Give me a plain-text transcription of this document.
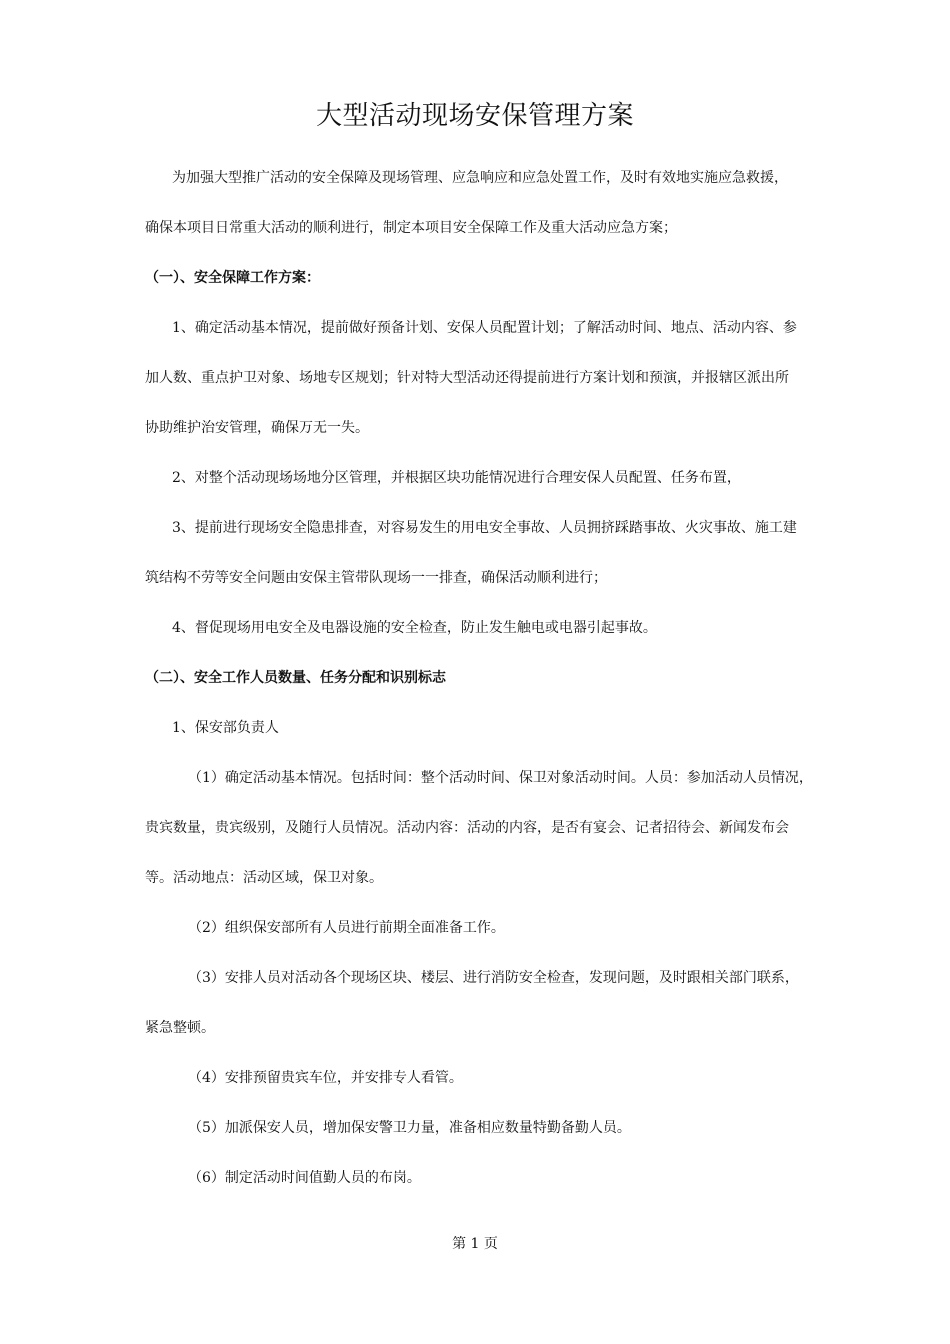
大型活动现场安保管理方案
为加强大型推广活动的安全保障及现场管理、应急响应和应急处置工作，及时有效地实施应急救援，
确保本项目日常重大活动的顺利进行，制定本项目安全保障工作及重大活动应急方案；
（一）、安全保障工作方案：
1、确定活动基本情况，提前做好预备计划、安保人员配置计划；了解活动时间、地点、活动内容、参
加人数、重点护卫对象、场地专区规划；针对特大型活动还得提前进行方案计划和预演，并报辖区派出所
协助维护治安管理，确保万无一失。
2、对整个活动现场场地分区管理，并根据区块功能情况进行合理安保人员配置、任务布置，
3、提前进行现场安全隐患排查，对容易发生的用电安全事故、人员拥挤踩踏事故、火灾事故、施工建
筑结构不劳等安全问题由安保主管带队现场一一排查，确保活动顺利进行；
4、督促现场用电安全及电器设施的安全检查，防止发生触电或电器引起事故。
（二）、安全工作人员数量、任务分配和识别标志
1、保安部负责人
（1）确定活动基本情况。包括时间：整个活动时间、保卫对象活动时间。人员：参加活动人员情况，
贵宾数量，贵宾级别，及随行人员情况。活动内容：活动的内容，是否有宴会、记者招待会、新闻发布会
等。活动地点：活动区域，保卫对象。
（2）组织保安部所有人员进行前期全面准备工作。
（3）安排人员对活动各个现场区块、楼层、进行消防安全检查，发现问题，及时跟相关部门联系，
紧急整顿。
（4）安排预留贵宾车位，并安排专人看管。
（5）加派保安人员，增加保安警卫力量，准备相应数量特勤备勤人员。
（6）制定活动时间值勤人员的布岗。
第 1 页
